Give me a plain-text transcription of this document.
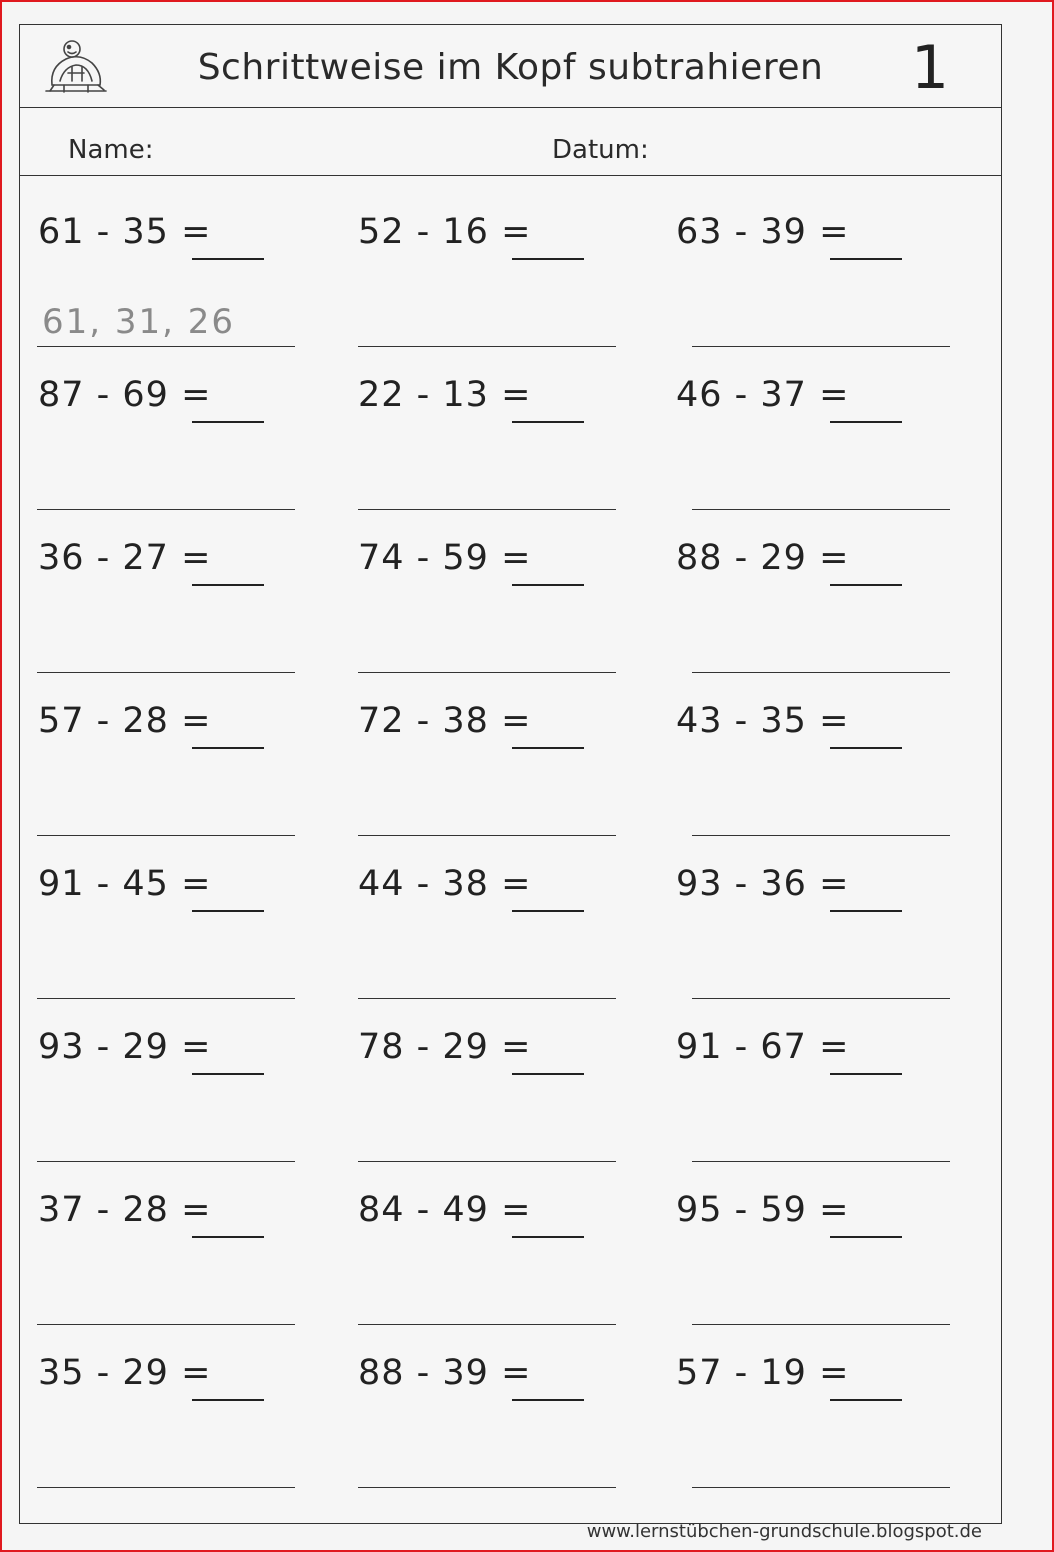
Schrittweise im Kopf subtrahieren	1
Name:	Datum:
61 - 35 =	52 - 16 =	63 - 39 =
87 - 69 =	22 - 13 =	46 - 37 =
36 - 27 =	74 - 59 =	88 - 29 =
57 - 28 =	72 - 38 =	43 - 35 =
91 - 45 =	44 - 38 =	93 - 36 =
93 - 29 =	78 - 29 =	91 - 67 =
37 - 28 =	84 - 49 =	95 - 59 =
35 - 29 =	88 - 39 =	57 - 19 =
61, 31, 26
www.lernstübchen-grundschule.blogspot.de
